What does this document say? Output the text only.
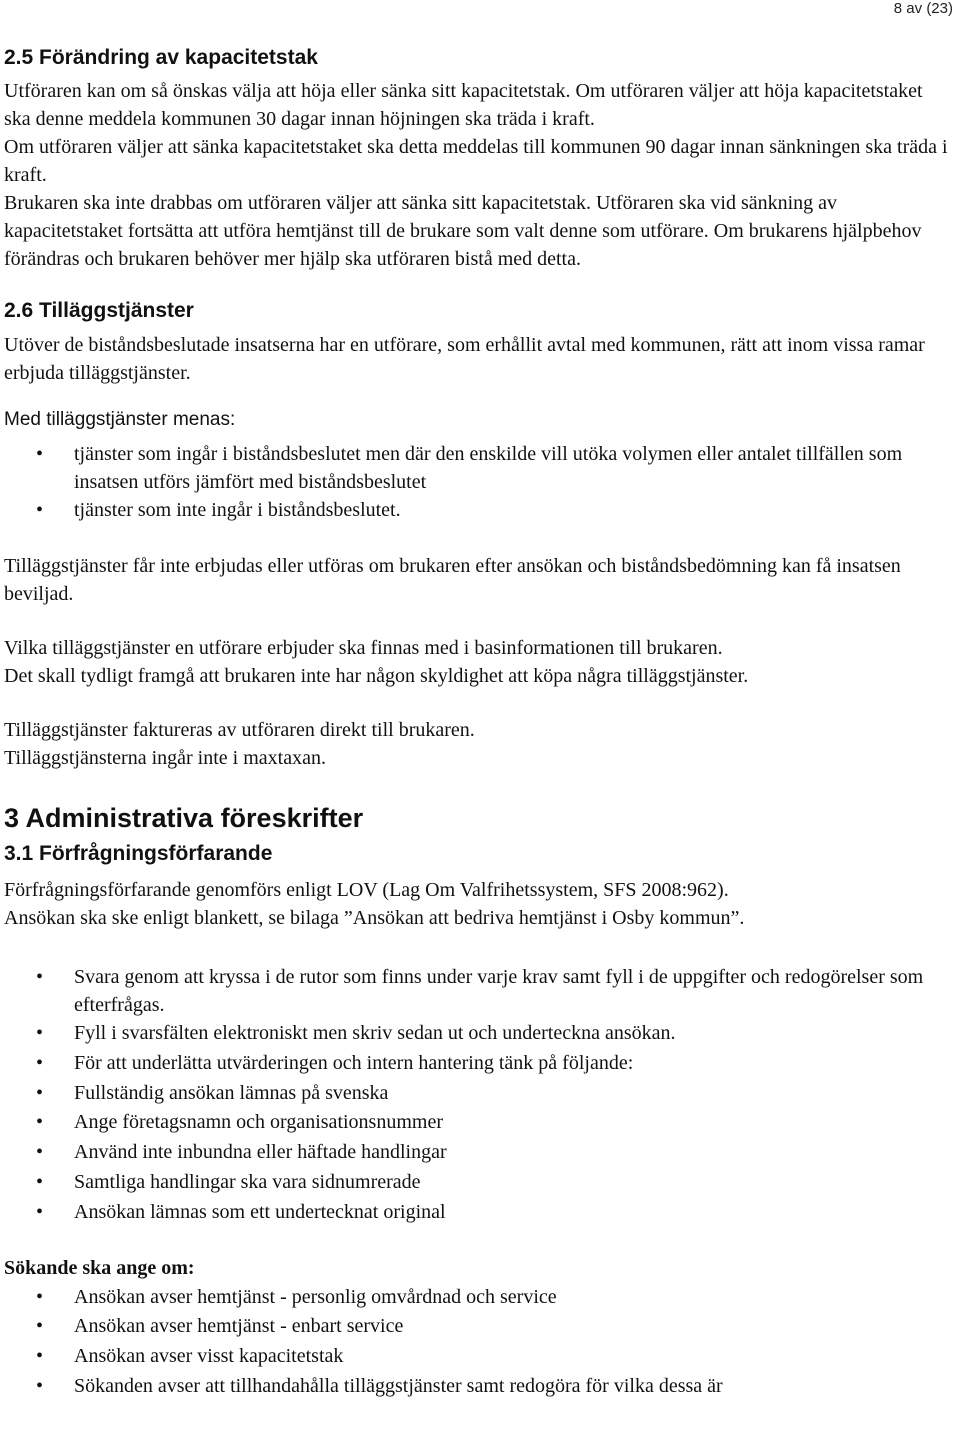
8 av (23)
2.5 Förändring av kapacitetstak

Utföraren kan om så önskas välja att höja eller sänka sitt kapacitetstak. Om utföraren väljer att höja kapacitetstaket ska denne meddela kommunen 30 dagar innan höjningen ska träda i kraft.

Om utföraren väljer att sänka kapacitetstaket ska detta meddelas till kommunen 90 dagar innan sänkningen ska träda i kraft.

Brukaren ska inte drabbas om utföraren väljer att sänka sitt kapacitetstak. Utföraren ska vid sänkning av kapacitetstaket fortsätta att utföra hemtjänst till de brukare som valt denne som utförare. Om brukarens hjälpbehov förändras och brukaren behöver mer hjälp ska utföraren bistå med detta.

2.6 Tilläggstjänster

Utöver de biståndsbeslutade insatserna har en utförare, som erhållit avtal med kommunen, rätt att inom vissa ramar erbjuda tilläggstjänster.

Med tilläggstjänster menas:

• tjänster som ingår i biståndsbeslutet men där den enskilde vill utöka volymen eller antalet tillfällen som insatsen utförs jämfört med biståndsbeslutet
• tjänster som inte ingår i biståndsbeslutet.

Tilläggstjänster får inte erbjudas eller utföras om brukaren efter ansökan och biståndsbedömning kan få insatsen beviljad.

Vilka tilläggstjänster en utförare erbjuder ska finnas med i basinformationen till brukaren.

Det skall tydligt framgå att brukaren inte har någon skyldighet att köpa några tilläggstjänster.

Tilläggstjänster faktureras av utföraren direkt till brukaren.

Tilläggstjänsterna ingår inte i maxtaxan.

3 Administrativa föreskrifter
3.1 Förfrågningsförfarande

Förfrågningsförfarande genomförs enligt LOV (Lag Om Valfrihetssystem, SFS 2008:962).

Ansökan ska ske enligt blankett, se bilaga ”Ansökan att bedriva hemtjänst i Osby kommun”.

• Svara genom att kryssa i de rutor som finns under varje krav samt fyll i de uppgifter och redogörelser som efterfrågas.
• Fyll i svarsfälten elektroniskt men skriv sedan ut och underteckna ansökan.
• För att underlätta utvärderingen och intern hantering tänk på följande:
• Fullständig ansökan lämnas på svenska
• Ange företagsnamn och organisationsnummer
• Använd inte inbundna eller häftade handlingar
• Samtliga handlingar ska vara sidnumrerade
• Ansökan lämnas som ett undertecknat original

Sökande ska ange om:

• Ansökan avser hemtjänst - personlig omvårdnad och service
• Ansökan avser hemtjänst - enbart service
• Ansökan avser visst kapacitetstak
• Sökanden avser att tillhandahålla tilläggstjänster samt redogöra för vilka dessa är
